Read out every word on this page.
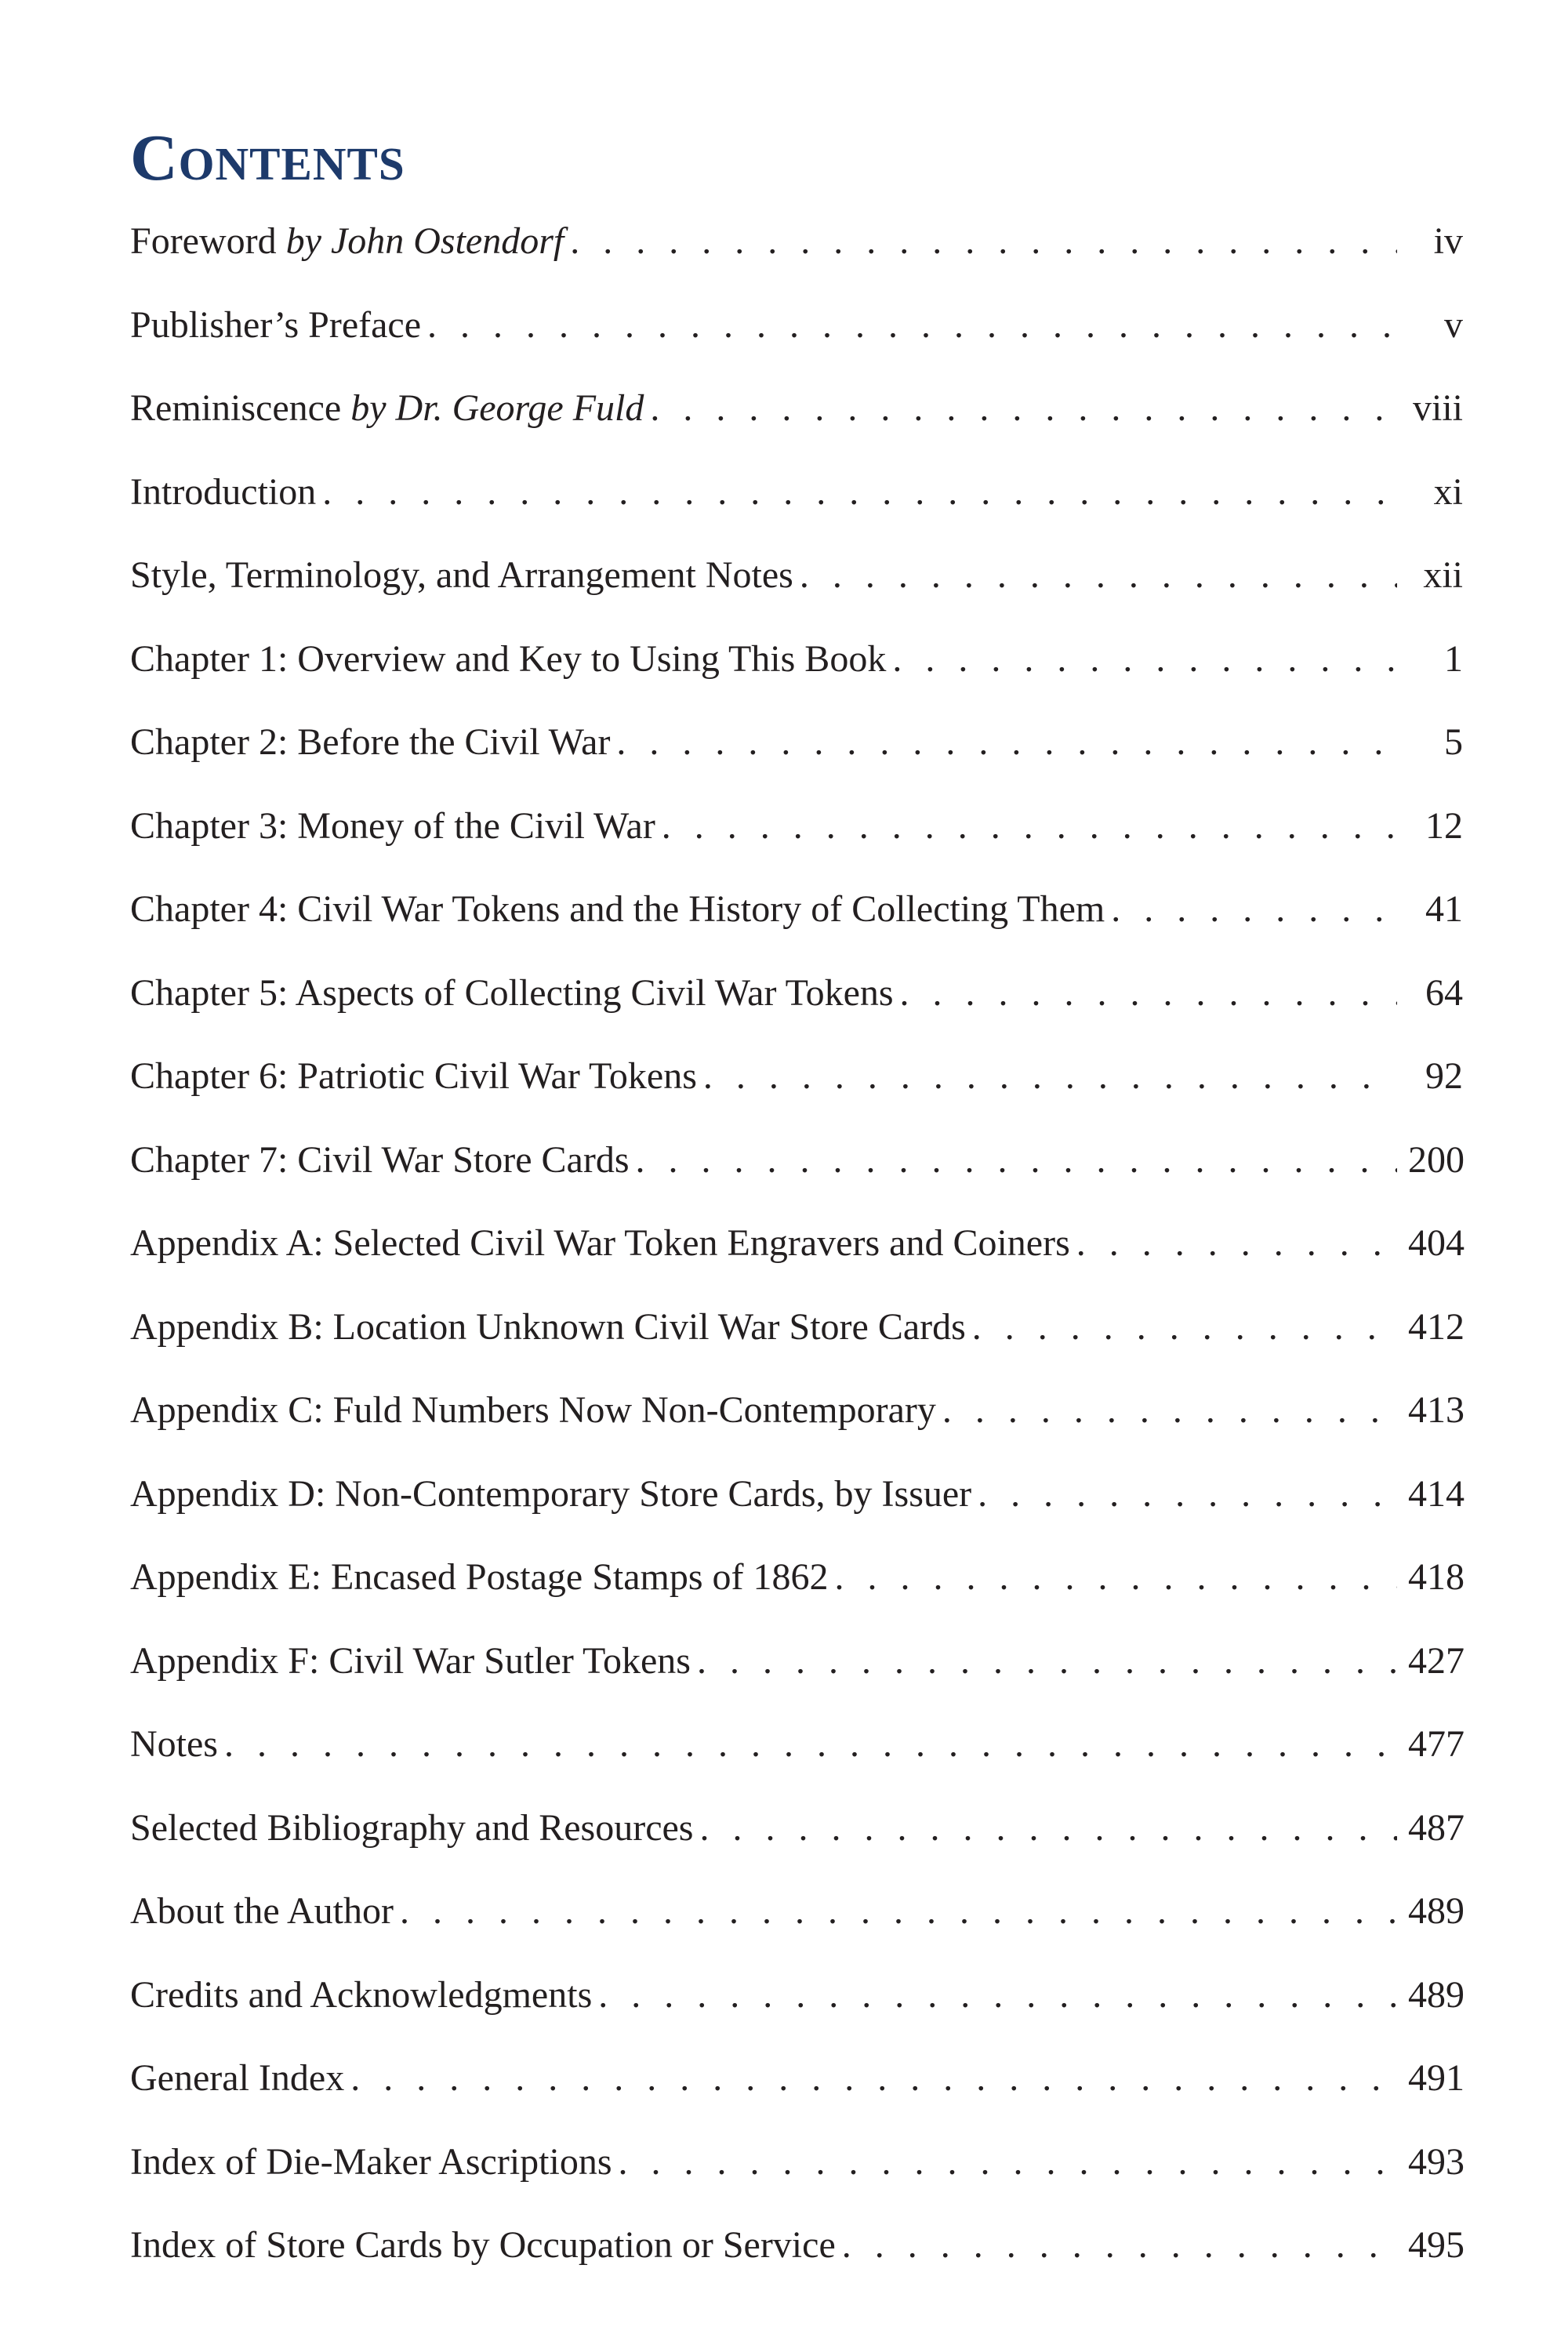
Contents
Foreword by John Ostendorf . . .	iv
Publisher’s Preface . . .	v
Reminiscence by Dr. George Fuld . . .	viii
Introduction . . .	xi
Style, Terminology, and Arrangement Notes . . .	xii
Chapter 1: Overview and Key to Using This Book . . .	1
Chapter 2: Before the Civil War . . .	5
Chapter 3: Money of the Civil War . . .	12
Chapter 4: Civil War Tokens and the History of Collecting Them . . .	41
Chapter 5: Aspects of Collecting Civil War Tokens . . .	64
Chapter 6: Patriotic Civil War Tokens . . .	92
Chapter 7: Civil War Store Cards . . .	200
Appendix A: Selected Civil War Token Engravers and Coiners . . .	404
Appendix B: Location Unknown Civil War Store Cards . . .	412
Appendix C: Fuld Numbers Now Non-Contemporary . . .	413
Appendix D: Non-Contemporary Store Cards, by Issuer . . .	414
Appendix E: Encased Postage Stamps of 1862 . . .	418
Appendix F: Civil War Sutler Tokens . . .	427
Notes . . .	477
Selected Bibliography and Resources . . .	487
About the Author . . .	489
Credits and Acknowledgments . . .	489
General Index . . .	491
Index of Die-Maker Ascriptions . . .	493
Index of Store Cards by Occupation or Service . . .	495
